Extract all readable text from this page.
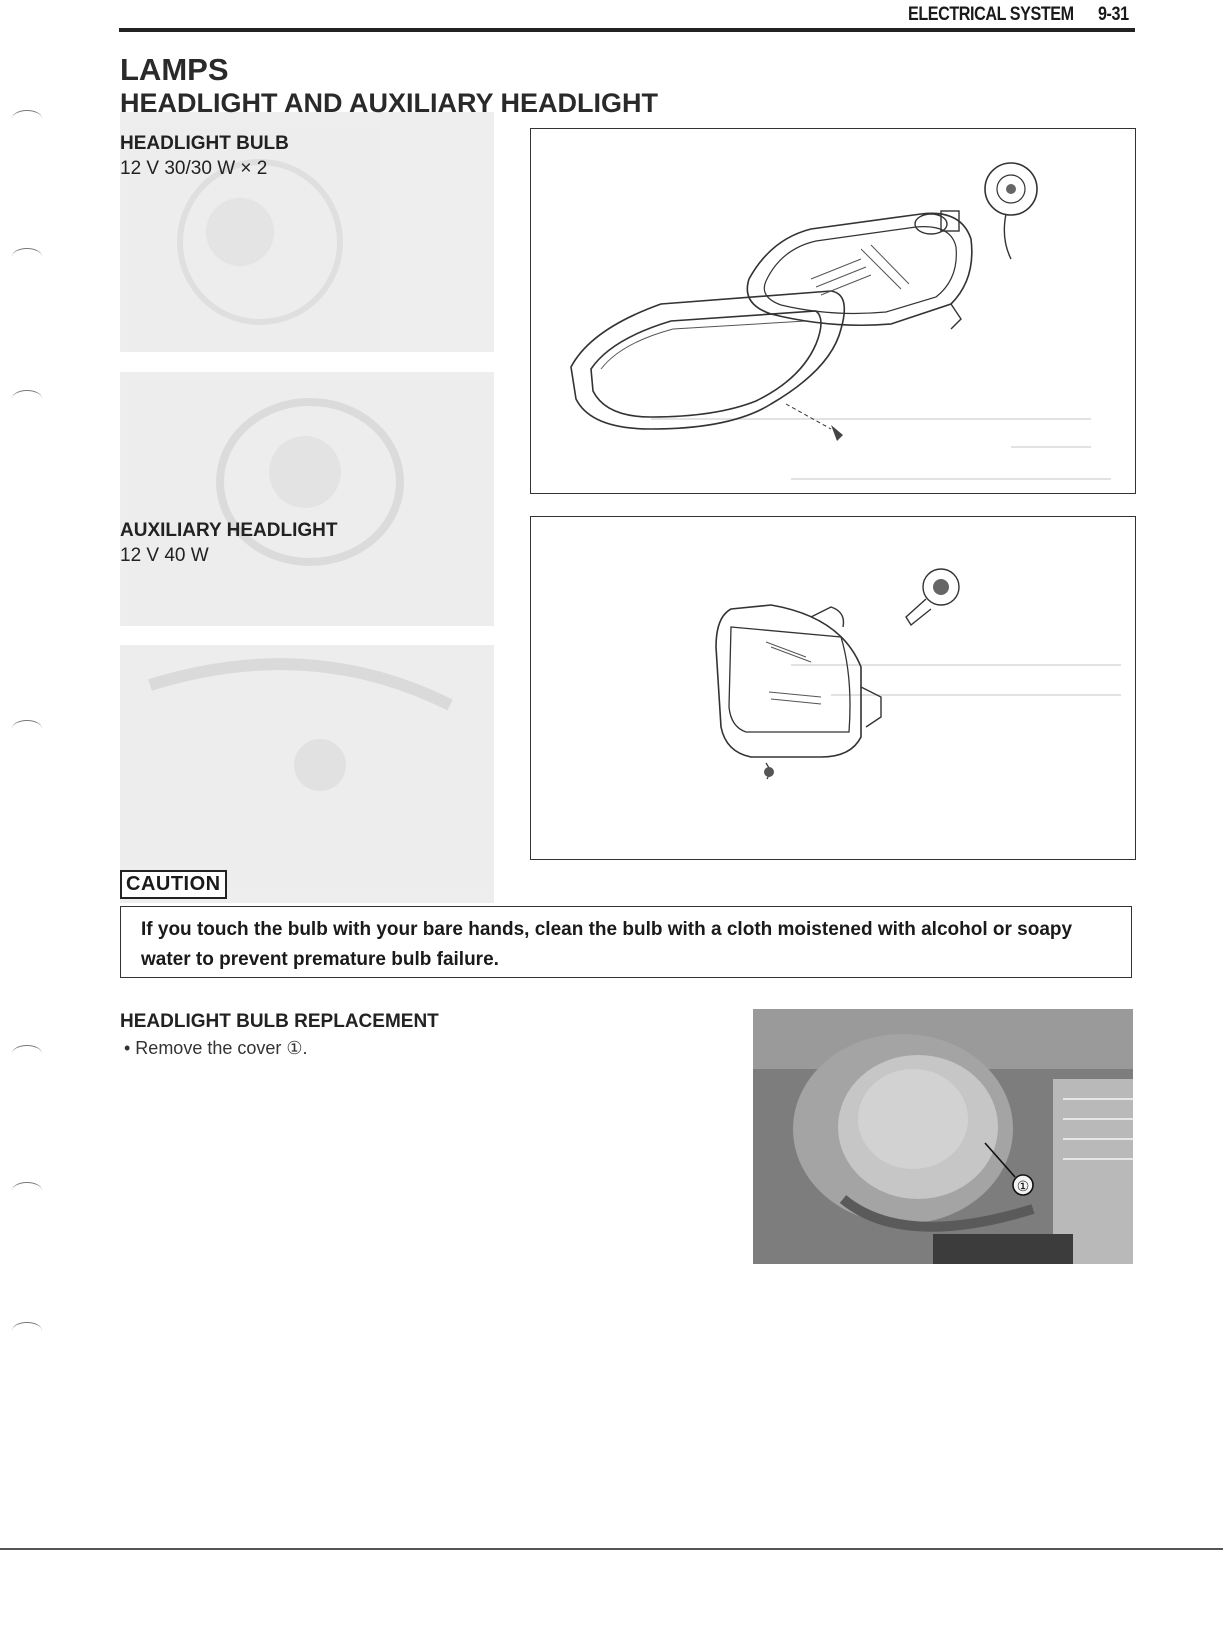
ELECTRICAL SYSTEM 9-31
LAMPS
HEADLIGHT AND AUXILIARY HEADLIGHT
HEADLIGHT BULB
12 V 30/30 W × 2
AUXILIARY HEADLIGHT
12 V 40 W
CAUTION
If you touch the bulb with your bare hands, clean the bulb with a cloth moistened with alcohol or soapy water to prevent premature bulb failure.
HEADLIGHT BULB REPLACEMENT
• Remove the cover ①.
①
